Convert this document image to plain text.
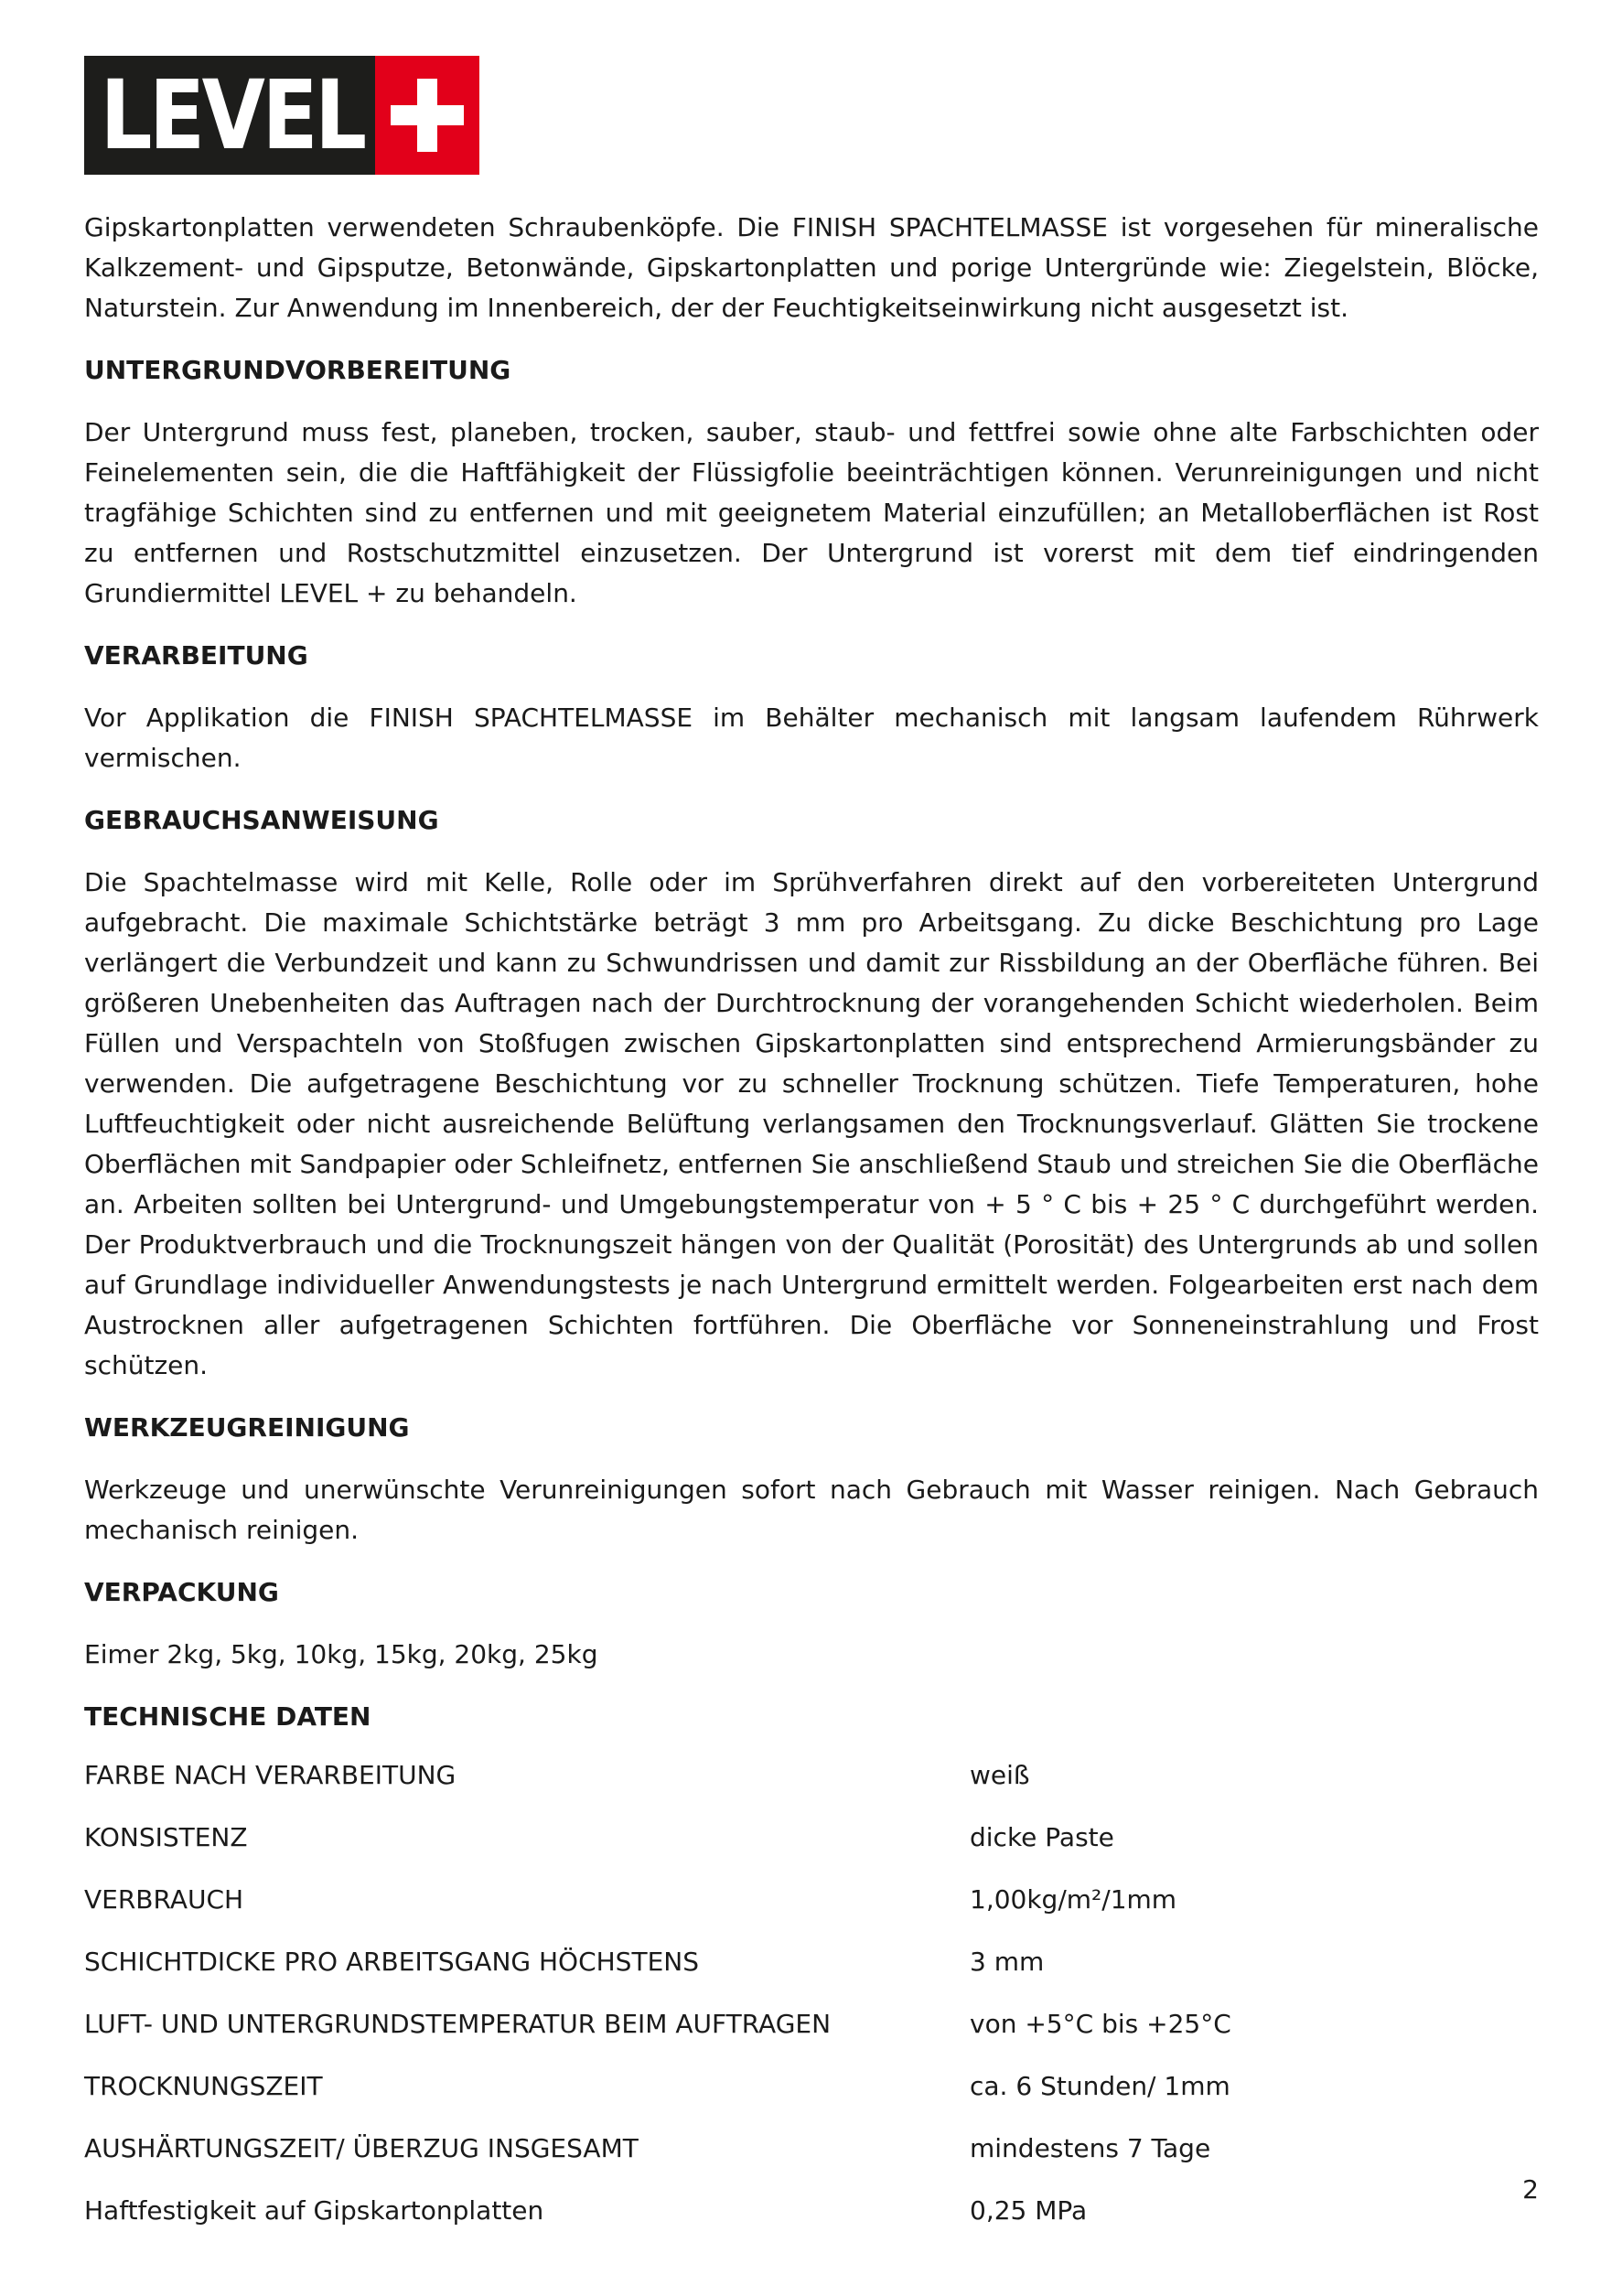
LEVEL

Gipskartonplatten verwendeten Schraubenköpfe. Die FINISH SPACHTELMASSE ist vorgesehen für mineralische Kalkzement- und Gipsputze, Betonwände, Gipskartonplatten und porige Untergründe wie: Ziegelstein, Blöcke, Naturstein. Zur Anwendung im Innenbereich, der der Feuchtigkeitseinwirkung nicht ausgesetzt ist.

UNTERGRUNDVORBEREITUNG

Der Untergrund muss fest, planeben, trocken, sauber, staub- und fettfrei sowie ohne alte Farbschichten oder Feinelementen sein, die die Haftfähigkeit der Flüssigfolie beeinträchtigen können. Verunreinigungen und nicht tragfähige Schichten sind zu entfernen und mit geeignetem Material einzufüllen; an Metalloberflächen ist Rost zu entfernen und Rostschutzmittel einzusetzen. Der Untergrund ist vorerst mit dem tief eindringenden Grundiermittel LEVEL + zu behandeln.

VERARBEITUNG

Vor Applikation die FINISH SPACHTELMASSE im Behälter mechanisch mit langsam laufendem Rührwerk vermischen.

GEBRAUCHSANWEISUNG

Die Spachtelmasse wird mit Kelle, Rolle oder im Sprühverfahren direkt auf den vorbereiteten Untergrund aufgebracht. Die maximale Schichtstärke beträgt 3 mm pro Arbeitsgang. Zu dicke Beschichtung pro Lage verlängert die Verbundzeit und kann zu Schwundrissen und damit zur Rissbildung an der Oberfläche führen. Bei größeren Unebenheiten das Auftragen nach der Durchtrocknung der vorangehenden Schicht wiederholen. Beim Füllen und Verspachteln von Stoßfugen zwischen Gipskartonplatten sind entsprechend Armierungsbänder zu verwenden. Die aufgetragene Beschichtung vor zu schneller Trocknung schützen. Tiefe Temperaturen, hohe Luftfeuchtigkeit oder nicht ausreichende Belüftung verlangsamen den Trocknungsverlauf. Glätten Sie trockene Oberflächen mit Sandpapier oder Schleifnetz, entfernen Sie anschließend Staub und streichen Sie die Oberfläche an. Arbeiten sollten bei Untergrund- und Umgebungstemperatur von + 5 ° C bis + 25 ° C durchgeführt werden. Der Produktverbrauch und die Trocknungszeit hängen von der Qualität (Porosität) des Untergrunds ab und sollen auf Grundlage individueller Anwendungstests je nach Untergrund ermittelt werden. Folgearbeiten erst nach dem Austrocknen aller aufgetragenen Schichten fortführen. Die Oberfläche vor Sonneneinstrahlung und Frost schützen.

WERKZEUGREINIGUNG

Werkzeuge und unerwünschte Verunreinigungen sofort nach Gebrauch mit Wasser reinigen. Nach Gebrauch mechanisch reinigen.

VERPACKUNG

Eimer 2kg, 5kg, 10kg, 15kg, 20kg, 25kg

TECHNISCHE DATEN
FARBE NACH VERARBEITUNG	weiß
KONSISTENZ	dicke Paste
VERBRAUCH	1,00kg/m²/1mm
SCHICHTDICKE PRO ARBEITSGANG HÖCHSTENS	3 mm
LUFT- UND UNTERGRUNDSTEMPERATUR BEIM AUFTRAGEN	von +5°C bis +25°C
TROCKNUNGSZEIT	ca. 6 Stunden/ 1mm
AUSHÄRTUNGSZEIT/ ÜBERZUG INSGESAMT	mindestens 7 Tage
Haftfestigkeit auf Gipskartonplatten	0,25 MPa
2
